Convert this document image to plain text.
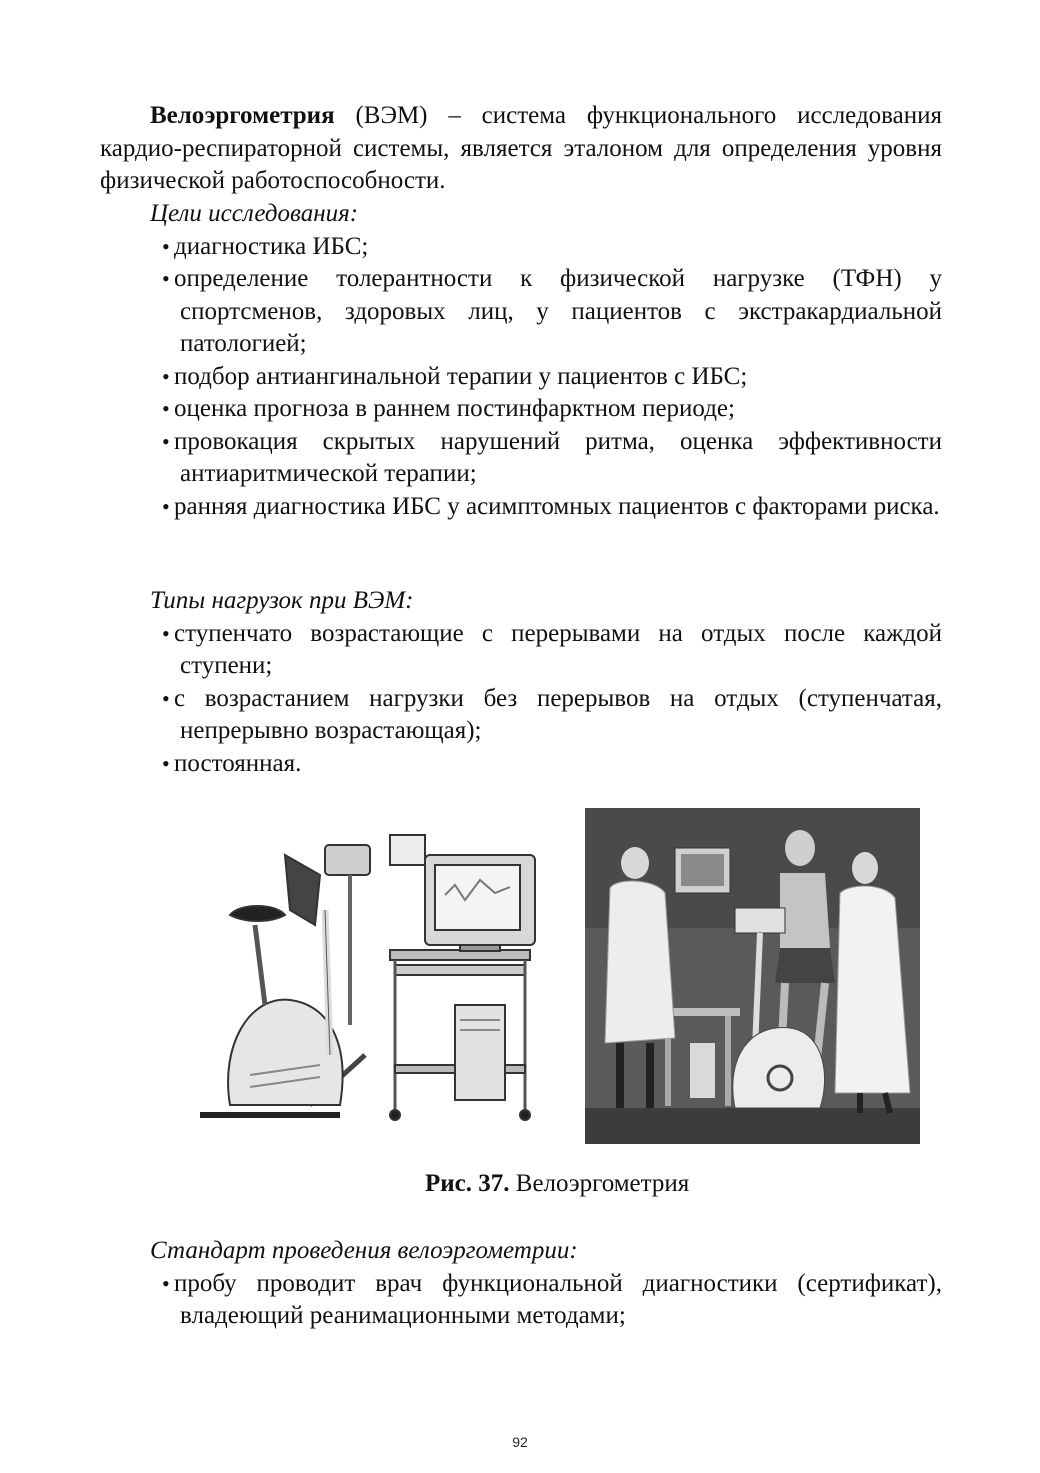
Велоэргометрия (ВЭМ) – система функционального исследования кардио-респираторной системы, является эталоном для определения уровня физической работоспособности.

Цели исследования:
• диагностика ИБС;
• определение толерантности к физической нагрузке (ТФН) у спортсменов, здоровых лиц, у пациентов с экстракардиальной патологией;
• подбор антиангинальной терапии у пациентов с ИБС;
• оценка прогноза в раннем постинфарктном периоде;
• провокация скрытых нарушений ритма, оценка эффективности антиаритмической терапии;
• ранняя диагностика ИБС у асимптомных пациентов с факторами риска.
Типы нагрузок при ВЭМ:
• ступенчато возрастающие с перерывами на отдых после каждой ступени;
• с возрастанием нагрузки без перерывов на отдых (ступенчатая, непрерывно возрастающая);
• постоянная.
Рис. 37. Велоэргометрия
Стандарт проведения велоэргометрии:
• пробу проводит врач функциональной диагностики (сертификат), владеющий реанимационными методами;
92
